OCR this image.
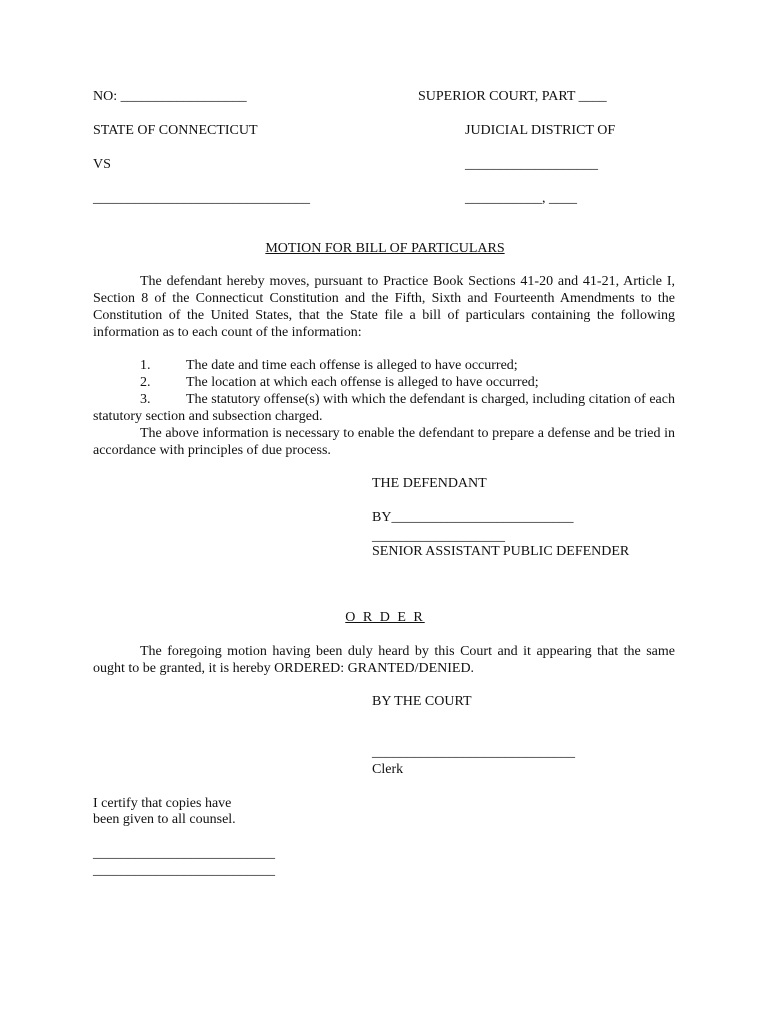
NO: __________________	SUPERIOR COURT, PART ____
STATE OF CONNECTICUT	JUDICIAL DISTRICT OF
VS	___________________
_______________________________	___________, ____
MOTION FOR BILL OF PARTICULARS
The defendant hereby moves, pursuant to Practice Book Sections 41-20 and 41-21, Article I, Section 8 of the Connecticut Constitution and the Fifth, Sixth and Fourteenth Amendments to the Constitution of the United States, that the State file a bill of particulars containing the following information as to each count of the information:
1.	The date and time each offense is alleged to have occurred;
2.	The location at which each offense is alleged to have occurred;
3.	The statutory offense(s) with which the defendant is charged, including citation of each statutory section and subsection charged.
The above information is necessary to enable the defendant to prepare a defense and be tried in accordance with principles of due process.
THE DEFENDANT
BY__________________________
___________________
SENIOR ASSISTANT PUBLIC DEFENDER
O R D E R
The foregoing motion having been duly heard by this Court and it appearing that the same ought to be granted, it is hereby ORDERED: GRANTED/DENIED.
BY THE COURT
_____________________________
Clerk
I certify that copies have
been given to all counsel.
__________________________
__________________________
